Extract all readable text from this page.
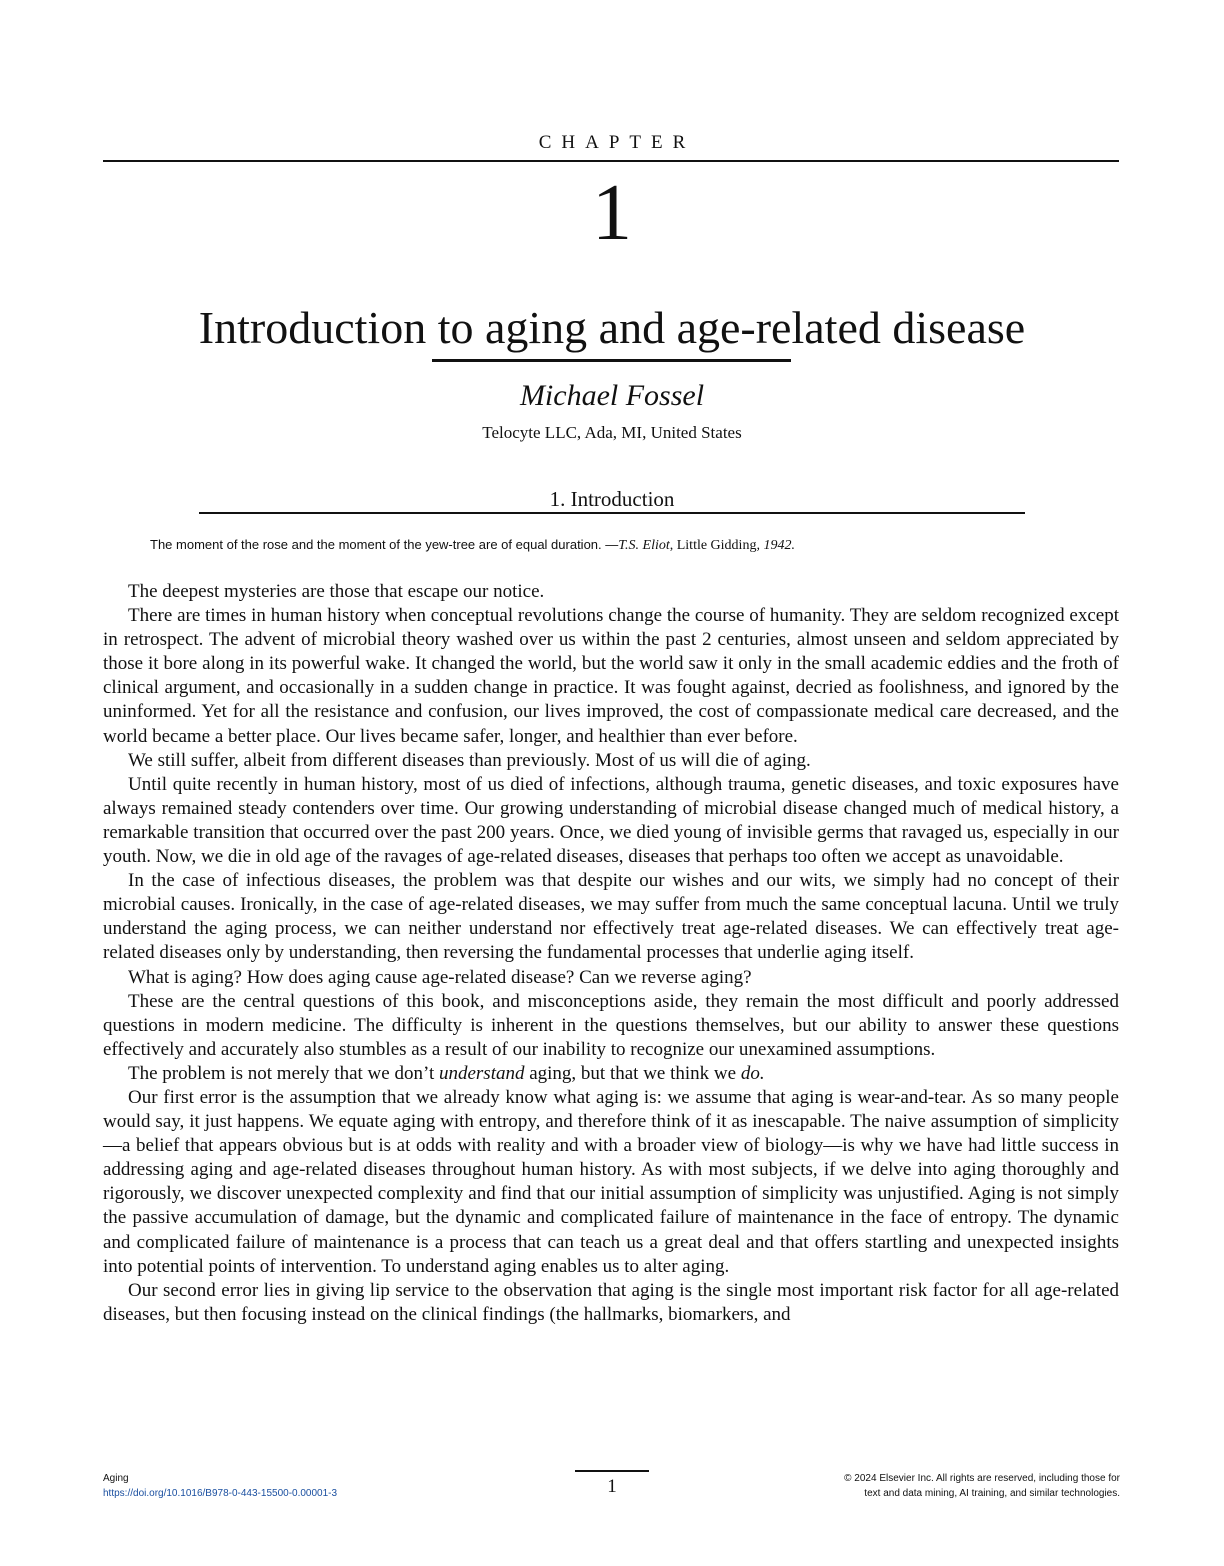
CHAPTER
1
Introduction to aging and age-related disease
Michael Fossel
Telocyte LLC, Ada, MI, United States
1. Introduction
The moment of the rose and the moment of the yew-tree are of equal duration. —T.S. Eliot, Little Gidding, 1942.

The deepest mysteries are those that escape our notice.

There are times in human history when conceptual revolutions change the course of humanity. They are seldom recognized except in retrospect. The advent of microbial theory washed over us within the past 2 centuries, almost unseen and seldom appreciated by those it bore along in its powerful wake. It changed the world, but the world saw it only in the small academic eddies and the froth of clinical argument, and occasionally in a sudden change in practice. It was fought against, decried as foolishness, and ignored by the uninformed. Yet for all the resistance and confusion, our lives improved, the cost of compassionate medical care decreased, and the world became a better place. Our lives became safer, longer, and healthier than ever before.

We still suffer, albeit from different diseases than previously. Most of us will die of aging.

Until quite recently in human history, most of us died of infections, although trauma, genetic diseases, and toxic exposures have always remained steady contenders over time. Our growing understanding of microbial disease changed much of medical history, a remarkable transition that occurred over the past 200 years. Once, we died young of invisible germs that ravaged us, especially in our youth. Now, we die in old age of the ravages of age-related diseases, diseases that perhaps too often we accept as unavoidable.

In the case of infectious diseases, the problem was that despite our wishes and our wits, we simply had no concept of their microbial causes. Ironically, in the case of age-related diseases, we may suffer from much the same conceptual lacuna. Until we truly understand the aging process, we can neither understand nor effectively treat age-related diseases. We can effectively treat age-related diseases only by understanding, then reversing the fundamental processes that underlie aging itself.

What is aging? How does aging cause age-related disease? Can we reverse aging?

These are the central questions of this book, and misconceptions aside, they remain the most difficult and poorly addressed questions in modern medicine. The difficulty is inherent in the questions themselves, but our ability to answer these questions effectively and accurately also stumbles as a result of our inability to recognize our unexamined assumptions.

The problem is not merely that we don’t understand aging, but that we think we do.

Our first error is the assumption that we already know what aging is: we assume that aging is wear-and-tear. As so many people would say, it just happens. We equate aging with entropy, and therefore think of it as inescapable. The naive assumption of simplicity—a belief that appears obvious but is at odds with reality and with a broader view of biology—is why we have had little success in addressing aging and age-related diseases throughout human history. As with most subjects, if we delve into aging thoroughly and rigorously, we discover unexpected complexity and find that our initial assumption of simplicity was unjustified. Aging is not simply the passive accumulation of damage, but the dynamic and complicated failure of maintenance in the face of entropy. The dynamic and complicated failure of maintenance is a process that can teach us a great deal and that offers startling and unexpected insights into potential points of intervention. To understand aging enables us to alter aging.

Our second error lies in giving lip service to the observation that aging is the single most important risk factor for all age-related diseases, but then focusing instead on the clinical findings (the hallmarks, biomarkers, and

Aging
https://doi.org/10.1016/B978-0-443-15500-0.00001-3	1	© 2024 Elsevier Inc. All rights are reserved, including those for
text and data mining, AI training, and similar technologies.
